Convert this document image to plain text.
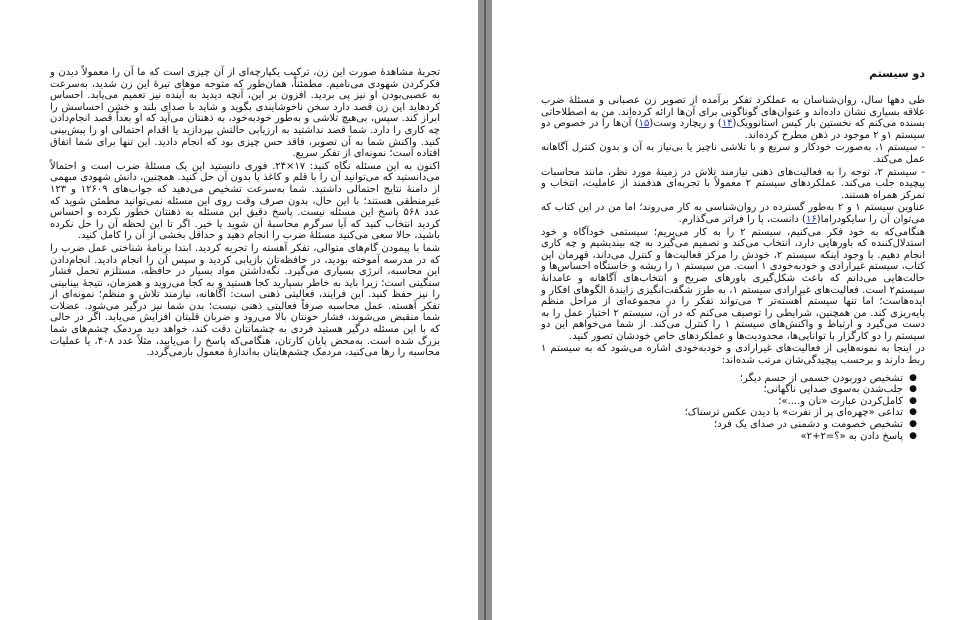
تجربهٔ مشاهدهٔ صورت این زن، ترکیب یکپارچه‌ای از آن چیزی است که ما آن را معمولاً دیدن و فکرکردن شهودی می‌نامیم. مطمئناً، همان‌طور که متوجه موهای تیرهٔ این زن شدید، به‌سرعت به عصبی‌بودن او نیز پی بردید. افزون بر این، آنچه دیدید به آینده نیز تعمیم می‌یابد. احساس کردهاید این زن قصد دارد سخن ناخوشایندی بگوید و شاید با صدای بلند و خشن احساسش را ابراز کند. سپس، بی‌هیچ تلاشی و به‌طور خودبه‌خود، به ذهنتان می‌آید که او بعداً قصد انجام‌دادن چه کاری را دارد. شما قصد نداشتید به ارزیابی حالتش بپردازید یا اقدام احتمالی او را پیش‌بینی کنید. واکنش شما به آن تصویر، فاقد حس چیزی بود که انجام دادید. این تنها برای شما اتفاق افتاده است؛ نمونه‌ای از تفکر سریع.

اکنون به این مسئله نگاه کنید: ۱۷×۲۴. فوری دانستید این یک مسئلهٔ ضرب است و احتمالاً می‌دانستید که می‌توانید آن را با قلم و کاغذ یا بدون آن حل کنید. همچنین، دانش شهودی مبهمی از دامنهٔ نتایج احتمالی داشتید. شما به‌سرعت تشخیص می‌دهید که جواب‌های ۱۲۶۰۹ و ۱۲۳ غیرمنطقی هستند؛ با این حال، بدون صرف وقت روی این مسئله نمی‌توانید مطمئن شوید که عدد ۵۶۸ پاسخ این مسئله نیست. پاسخ دقیق این مسئله به ذهنتان خطور نکرده و احساس کردید انتخاب کنید که آیا سرگرم محاسبهٔ آن شوید یا خیر. اگر تا این لحظه آن را حل نکرده باشید، حالا سعی می‌کنید مسئلهٔ ضرب را انجام دهید و حداقل بخشی از آن را کامل کنید.

شما با پیمودن گام‌های متوالی، تفکر آهسته را تجربه کردید. ابتدا برنامهٔ شناختی عمل ضرب را که در مدرسه آموخته بودید، در حافظه‌تان بازیابی کردید و سپس آن را انجام دادید. انجام‌دادن این محاسبه، انرژی بسیاری می‌گیرد. نگه‌داشتن مواد بسیار در حافظه، مستلزم تحمل فشار سنگینی است؛ زیرا باید به خاطر بسپارید کجا هستید و به کجا می‌روید و همزمان، نتیجهٔ بینابینی را نیز حفظ کنید. این فرایند، فعالیتی ذهنی است: آگاهانه، نیازمند تلاش و منظم؛ نمونه‌ای از تفکر آهسته. عمل محاسبه صرفاً فعالیتی ذهنی نیست؛ بدن شما نیز درگیر می‌شود. عضلات شما منقبض می‌شوند، فشار خونتان بالا می‌رود و ضربان قلبتان افزایش می‌یابد. اگر در حالی که با این مسئله درگیر هستید فردی به چشمانتان دقت کند، خواهد دید مردمک چشم‌های شما بزرگ شده است. به‌محض پایان کارتان، هنگامی‌که پاسخ را می‌یابید، مثلاً عدد ۴۰۸، یا عملیات محاسبه را رها می‌کنید، مردمک چشم‌هایتان به‌اندازهٔ معمول بازمی‌گردد.

دو سیستم

طی دهها سال، روان‌شناسان به عملکرد تفکر برآمده از تصویر زن عصبانی و مسئلهٔ ضرب علاقه بسیاری نشان داده‌اند و عنوان‌های گوناگونی برای آن‌ها ارائه کرده‌اند. من به اصطلاحاتی بسنده می‌کنم که نخستین بار کیس استانوویک(۱۴) و ریچارد وست(۱۵) آن‌ها را در خصوص دو سیستم ۱و ۲ موجود در ذهن مطرح کرده‌اند.

- سیستم ۱، به‌صورت خودکار و سریع و با تلاشی ناچیز یا بی‌نیاز به آن و بدون کنترل آگاهانه عمل می‌کند.

- سیستم ۲، توجه را به فعالیت‌های ذهنی نیازمند تلاش در زمینهٔ مورد نظر، مانند محاسبات پیچیده جلب می‌کند. عملکردهای سیستم ۲ معمولاً با تجربه‌ای هدفمند از عاملیت، انتخاب و تمرکز همراه هستند.

عناوین سیستم ۱ و ۲ به‌طور گسترده در روان‌شناسی به کار می‌روند؛ اما من در این کتاب که می‌توان آن را سایکودراما(۱۶) دانست، پا را فراتر می‌گذارم.

هنگامی‌که به خود فکر می‌کنیم، سیستم ۲ را به کار می‌بریم؛ سیستمی خودآگاه و خود استدلال‌کننده که باورهایی دارد، انتخاب می‌کند و تصمیم می‌گیرد به چه بیندیشیم و چه کاری انجام دهیم. با وجود اینکه سیستم ۲، خودش را مرکز فعالیت‌ها و کنترل می‌داند، قهرمان این کتاب، سیستم غیرارادی و خودبه‌خودی ۱ است. من سیستم ۱ را ریشه و خاستگاه احساس‌ها و حالت‌هایی می‌دانم که باعث شکل‌گیری باورهای صریح و انتخاب‌های آگاهانه و عامدانهٔ سیستم۲ است. فعالیت‌های غیرارادی سیستم ۱، به طرز شگفت‌انگیزی زایندهٔ الگوهای افکار و ایده‌هاست؛ اما تنها سیستم آهسته‌تر ۲ می‌تواند تفکر را در مجموعه‌ای از مراحل منظم پایه‌ریزی کند. من همچنین، شرایطی را توصیف می‌کنم که در آن، سیستم ۲ اختیار عمل را به دست می‌گیرد و ارتباط و واکنش‌های سیستم ۱ را کنترل می‌کند. از شما می‌خواهم این دو سیستم را دو کارگزار با توانایی‌ها، محدودیت‌ها و عملکردهای خاص خودشان تصور کنید.

در اینجا به نمونه‌هایی از فعالیت‌های غیرارادی و خودبه‌خودی اشاره می‌شود که به سیستم ۱ ربط دارند و برحسب پیچیدگی‌شان مرتب شده‌اند:

●
تشخیص دوربودن جسمی از جسم دیگر؛
●
جلب‌شدن به‌سوی صدایی ناگهانی؛
●
کامل‌کردن عبارت «نان و....»؛
●
تداعی «چهره‌ای پر از نفرت» با دیدن عکس ترسناک؛
●
تشخیص خصومت و دشمنی در صدای یک فرد؛
●
پاسخ دادن به «؟=۲+۲»
